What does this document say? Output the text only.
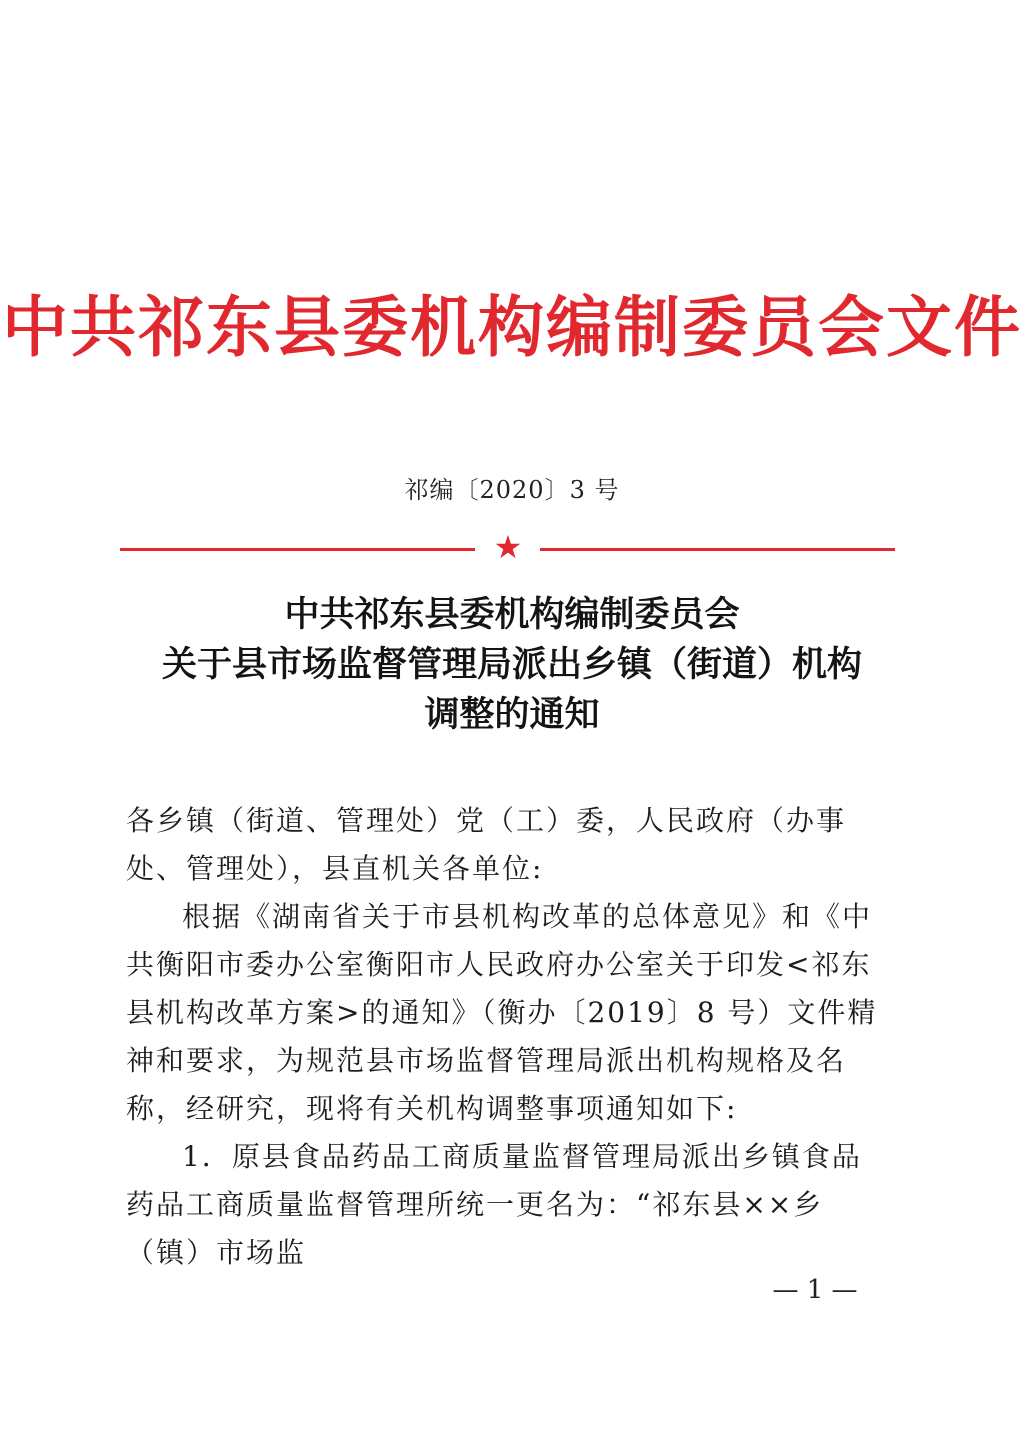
中共祁东县委机构编制委员会文件
祁编〔2020〕3 号
★
中共祁东县委机构编制委员会
关于县市场监督管理局派出乡镇（街道）机构
调整的通知

各乡镇（街道、管理处）党（工）委，人民政府（办事处、管理处），县直机关各单位:

根据《湖南省关于市县机构改革的总体意见》和《中共衡阳市委办公室衡阳市人民政府办公室关于印发<祁东县机构改革方案>的通知》（衡办〔2019〕8 号）文件精神和要求，为规范县市场监督管理局派出机构规格及名称，经研究，现将有关机构调整事项通知如下:

1．原县食品药品工商质量监督管理局派出乡镇食品药品工商质量监督管理所统一更名为：“祁东县××乡（镇）市场监

— 1 —
